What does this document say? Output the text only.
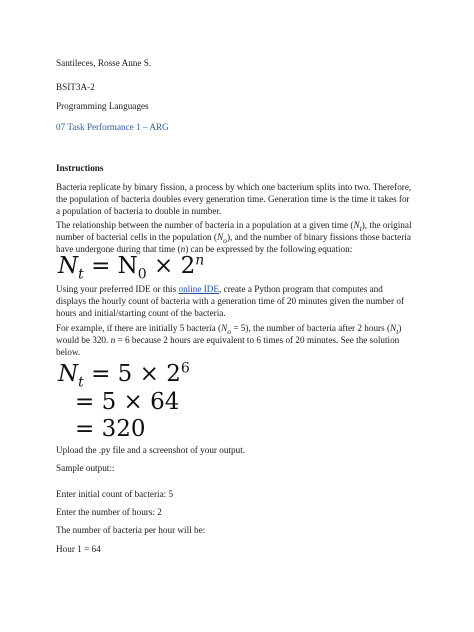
Santileces, Rosse Anne S.
BSIT3A-2
Programming Languages
07 Task Performance 1 – ARG
Instructions
Bacteria replicate by binary fission, a process by which one bacterium splits into two. Therefore,
the population of bacteria doubles every generation time. Generation time is the time it takes for
a population of bacteria to double in number.
The relationship between the number of bacteria in a population at a given time $(N_t)$, the original
number of bacterial cells in the population $(N_o)$, and the number of binary fissions those bacteria
have undergone during that time (n) can be expressed by the following equation:
$N_t = N_0 \times 2^n$
Using your preferred IDE or this online IDE, create a Python program that computes and
displays the hourly count of bacteria with a generation time of 20 minutes given the number of
hours and initial/starting count of the bacteria.
For example, if there are initially 5 bacteria $(N_o = 5)$, the number of bacteria after 2 hours $(N_t)$
would be 320. n = 6 because 2 hours are equivalent to 6 times of 20 minutes. See the solution
below.
$N_t = 5 \times 2^6$
= 5 × 64
= 320
Upload the .py file and a screenshot of your output.
Sample output::
Enter initial count of bacteria: 5
Enter the number of hours: 2
The number of bacteria per hour will be:
Hour 1 = 64
